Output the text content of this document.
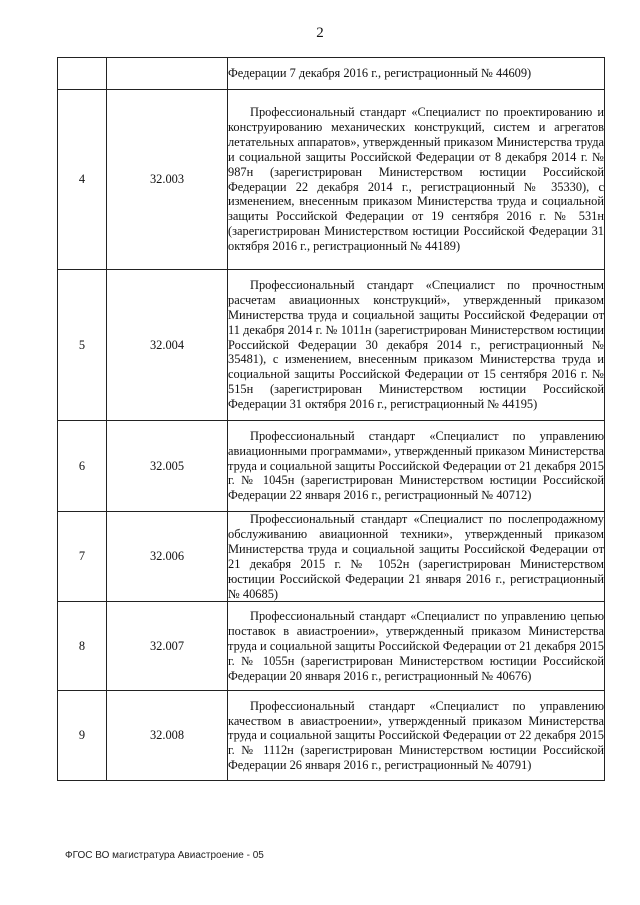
2

		Федерации 7 декабря 2016 г., регистрационный № 44609)

4	32.003	Профессиональный стандарт «Специалист по проектированию и конструированию механических конструкций, систем и агрегатов летательных аппаратов», утвержденный приказом Министерства труда и социальной защиты Российской Федерации от 8 декабря 2014 г. № 987н (зарегистрирован Министерством юстиции Российской Федерации 22 декабря 2014 г., регистрационный № 35330), с изменением, внесенным приказом Министерства труда и социальной защиты Российской Федерации от 19 сентября 2016 г. № 531н (зарегистрирован Министерством юстиции Российской Федерации 31 октября 2016 г., регистрационный № 44189)

5	32.004	Профессиональный стандарт «Специалист по прочностным расчетам авиационных конструкций», утвержденный приказом Министерства труда и социальной защиты Российской Федерации от 11 декабря 2014 г. № 1011н (зарегистрирован Министерством юстиции Российской Федерации 30 декабря 2014 г., регистрационный № 35481), с изменением, внесенным приказом Министерства труда и социальной защиты Российской Федерации от 15 сентября 2016 г. № 515н (зарегистрирован Министерством юстиции Российской Федерации 31 октября 2016 г., регистрационный № 44195)

6	32.005	Профессиональный стандарт «Специалист по управлению авиационными программами», утвержденный приказом Министерства труда и социальной защиты Российской Федерации от 21 декабря 2015 г. № 1045н (зарегистрирован Министерством юстиции Российской Федерации 22 января 2016 г., регистрационный № 40712)

7	32.006	Профессиональный стандарт «Специалист по послепродажному обслуживанию авиационной техники», утвержденный приказом Министерства труда и социальной защиты Российской Федерации от 21 декабря 2015 г. № 1052н (зарегистрирован Министерством юстиции Российской Федерации 21 января 2016 г., регистрационный № 40685)

8	32.007	Профессиональный стандарт «Специалист по управлению цепью поставок в авиастроении», утвержденный приказом Министерства труда и социальной защиты Российской Федерации от 21 декабря 2015 г. № 1055н (зарегистрирован Министерством юстиции Российской Федерации 20 января 2016 г., регистрационный № 40676)

9	32.008	Профессиональный стандарт «Специалист по управлению качеством в авиастроении», утвержденный приказом Министерства труда и социальной защиты Российской Федерации от 22 декабря 2015 г. № 1112н (зарегистрирован Министерством юстиции Российской Федерации 26 января 2016 г., регистрационный № 40791)

ФГОС ВО магистратура Авиастроение - 05
